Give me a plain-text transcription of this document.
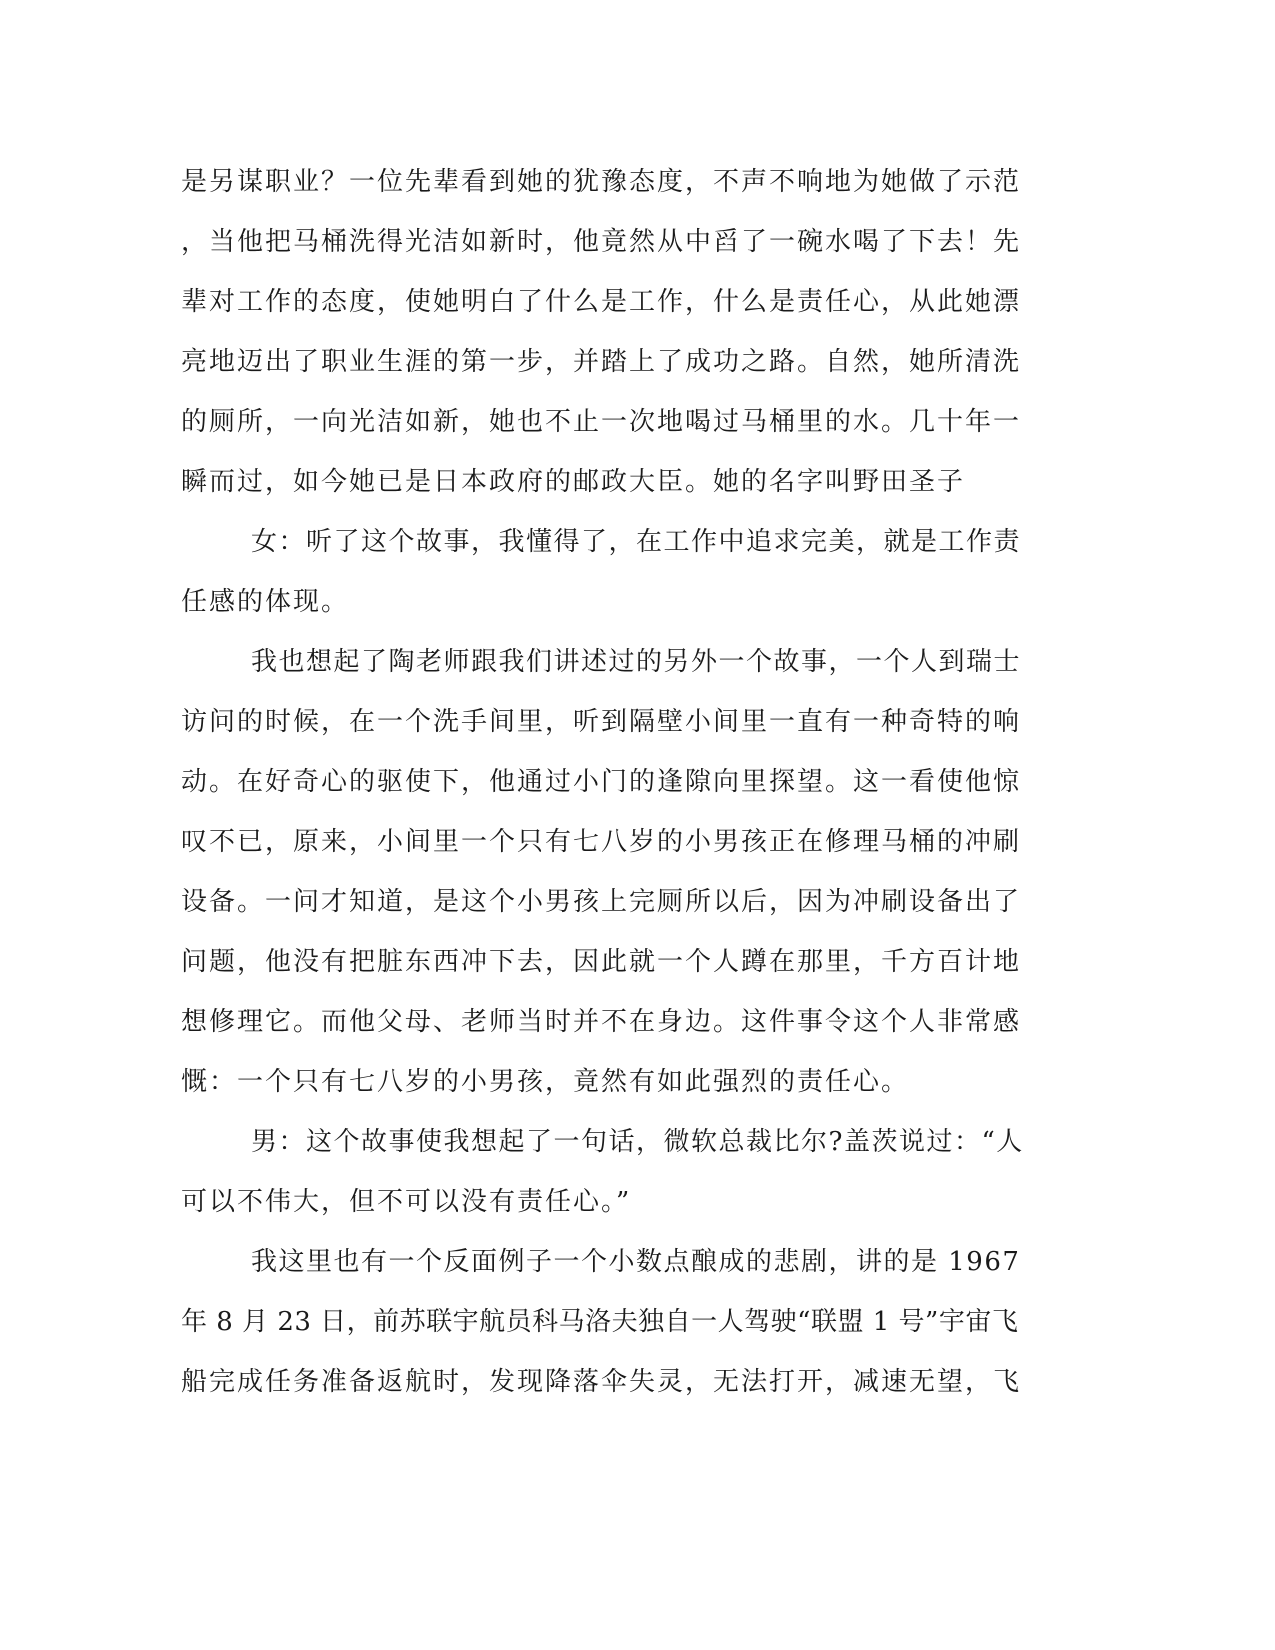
是另谋职业？一位先辈看到她的犹豫态度，不声不响地为她做了示范
，当他把马桶洗得光洁如新时，他竟然从中舀了一碗水喝了下去！先
辈对工作的态度，使她明白了什么是工作，什么是责任心，从此她漂
亮地迈出了职业生涯的第一步，并踏上了成功之路。自然，她所清洗
的厕所，一向光洁如新，她也不止一次地喝过马桶里的水。几十年一
瞬而过，如今她已是日本政府的邮政大臣。她的名字叫野田圣子
女：听了这个故事，我懂得了，在工作中追求完美，就是工作责
任感的体现。
我也想起了陶老师跟我们讲述过的另外一个故事，一个人到瑞士
访问的时候，在一个洗手间里，听到隔壁小间里一直有一种奇特的响
动。在好奇心的驱使下，他通过小门的逢隙向里探望。这一看使他惊
叹不已，原来，小间里一个只有七八岁的小男孩正在修理马桶的冲刷
设备。一问才知道，是这个小男孩上完厕所以后，因为冲刷设备出了
问题，他没有把脏东西冲下去，因此就一个人蹲在那里，千方百计地
想修理它。而他父母、老师当时并不在身边。这件事令这个人非常感
慨：一个只有七八岁的小男孩，竟然有如此强烈的责任心。
男：这个故事使我想起了一句话，微软总裁比尔?盖茨说过：“人
可以不伟大，但不可以没有责任心。”
我这里也有一个反面例子一个小数点酿成的悲剧，讲的是 1967
年 8 月 23 日，前苏联宇航员科马洛夫独自一人驾驶“联盟 1 号”宇宙飞
船完成任务准备返航时，发现降落伞失灵，无法打开，减速无望，飞
